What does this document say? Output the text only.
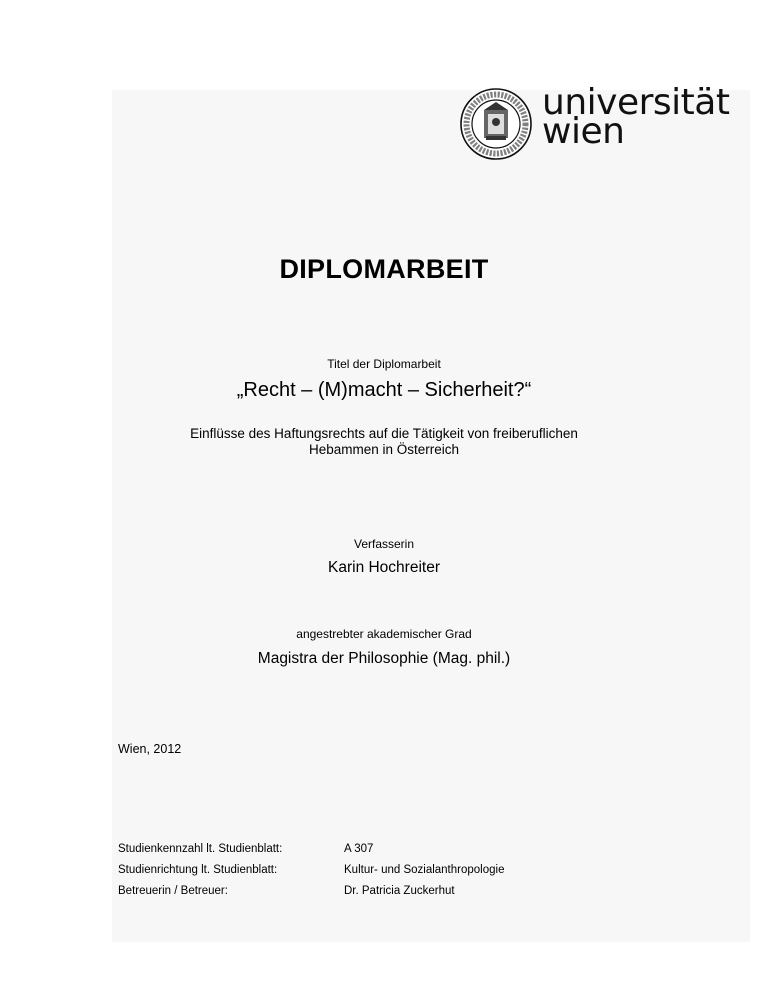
universität
wien
DIPLOMARBEIT
Titel der Diplomarbeit
„Recht – (M)macht – Sicherheit?“
Einflüsse des Haftungsrechts auf die Tätigkeit von freiberuflichen
Hebammen in Österreich
Verfasserin
Karin Hochreiter
angestrebter akademischer Grad
Magistra der Philosophie (Mag. phil.)
Wien, 2012
Studienkennzahl lt. Studienblatt:	A 307
Studienrichtung lt. Studienblatt:	Kultur- und Sozialanthropologie
Betreuerin / Betreuer:	Dr. Patricia Zuckerhut
